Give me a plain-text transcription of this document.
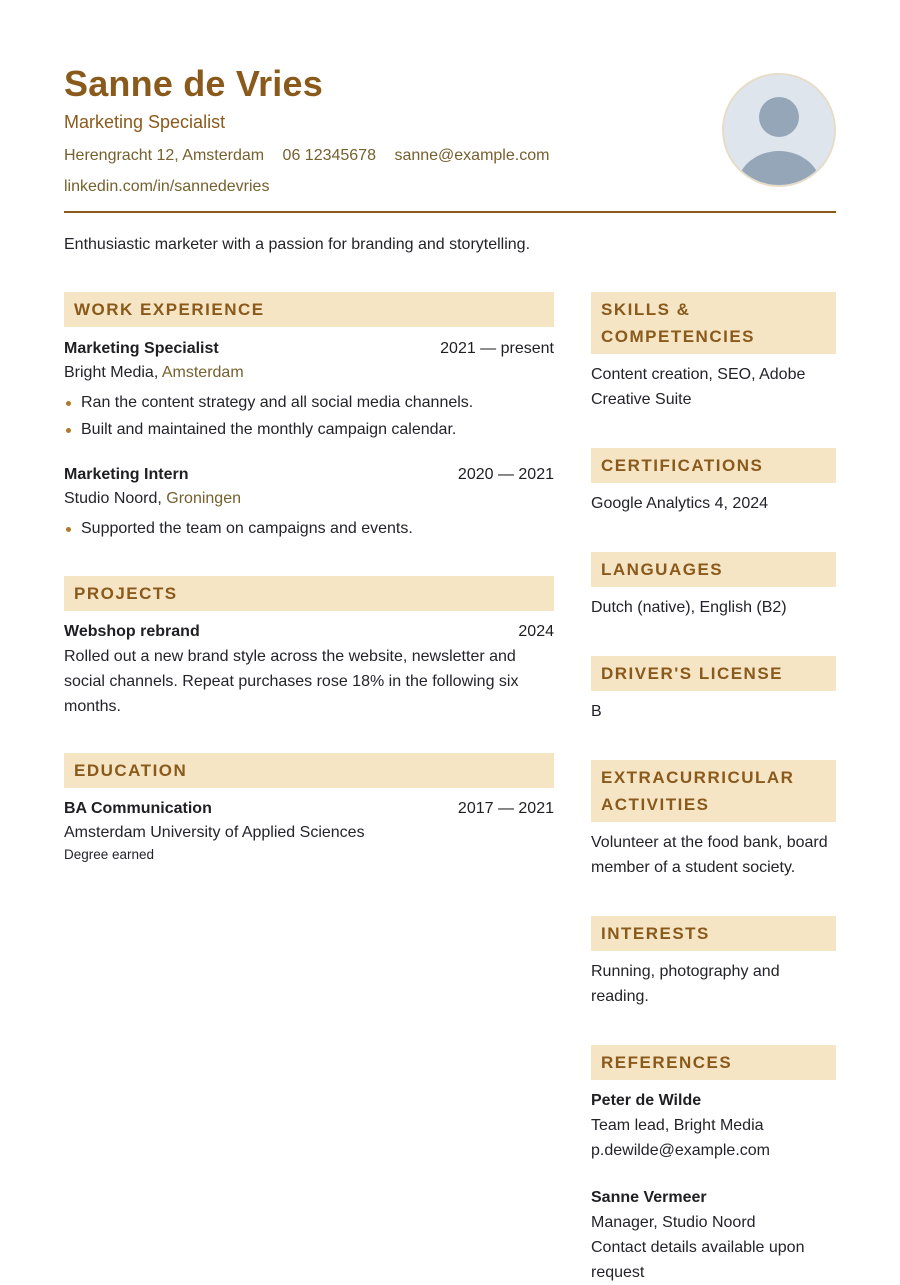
Sanne de Vries
Marketing Specialist
Herengracht 12, Amsterdam 06 12345678 sanne@example.com
linkedin.com/in/sannedevries
Enthusiastic marketer with a passion for branding and storytelling.
WORK EXPERIENCE
Marketing Specialist	2021 — present
Bright Media, Amsterdam
Ran the content strategy and all social media channels.
Built and maintained the monthly campaign calendar.
Marketing Intern	2020 — 2021
Studio Noord, Groningen
Supported the team on campaigns and events.
PROJECTS
Webshop rebrand	2024
Rolled out a new brand style across the website, newsletter and social channels. Repeat purchases rose 18% in the following six months.
EDUCATION
BA Communication	2017 — 2021
Amsterdam University of Applied Sciences
Degree earned
SKILLS & COMPETENCIES
Content creation, SEO, Adobe Creative Suite
CERTIFICATIONS
Google Analytics 4, 2024
LANGUAGES
Dutch (native), English (B2)
DRIVER'S LICENSE
B
EXTRACURRICULAR ACTIVITIES
Volunteer at the food bank, board member of a student society.
INTERESTS
Running, photography and reading.
REFERENCES
Peter de Wilde
Team lead, Bright Media
p.dewilde@example.com
Sanne Vermeer
Manager, Studio Noord
Contact details available upon request
